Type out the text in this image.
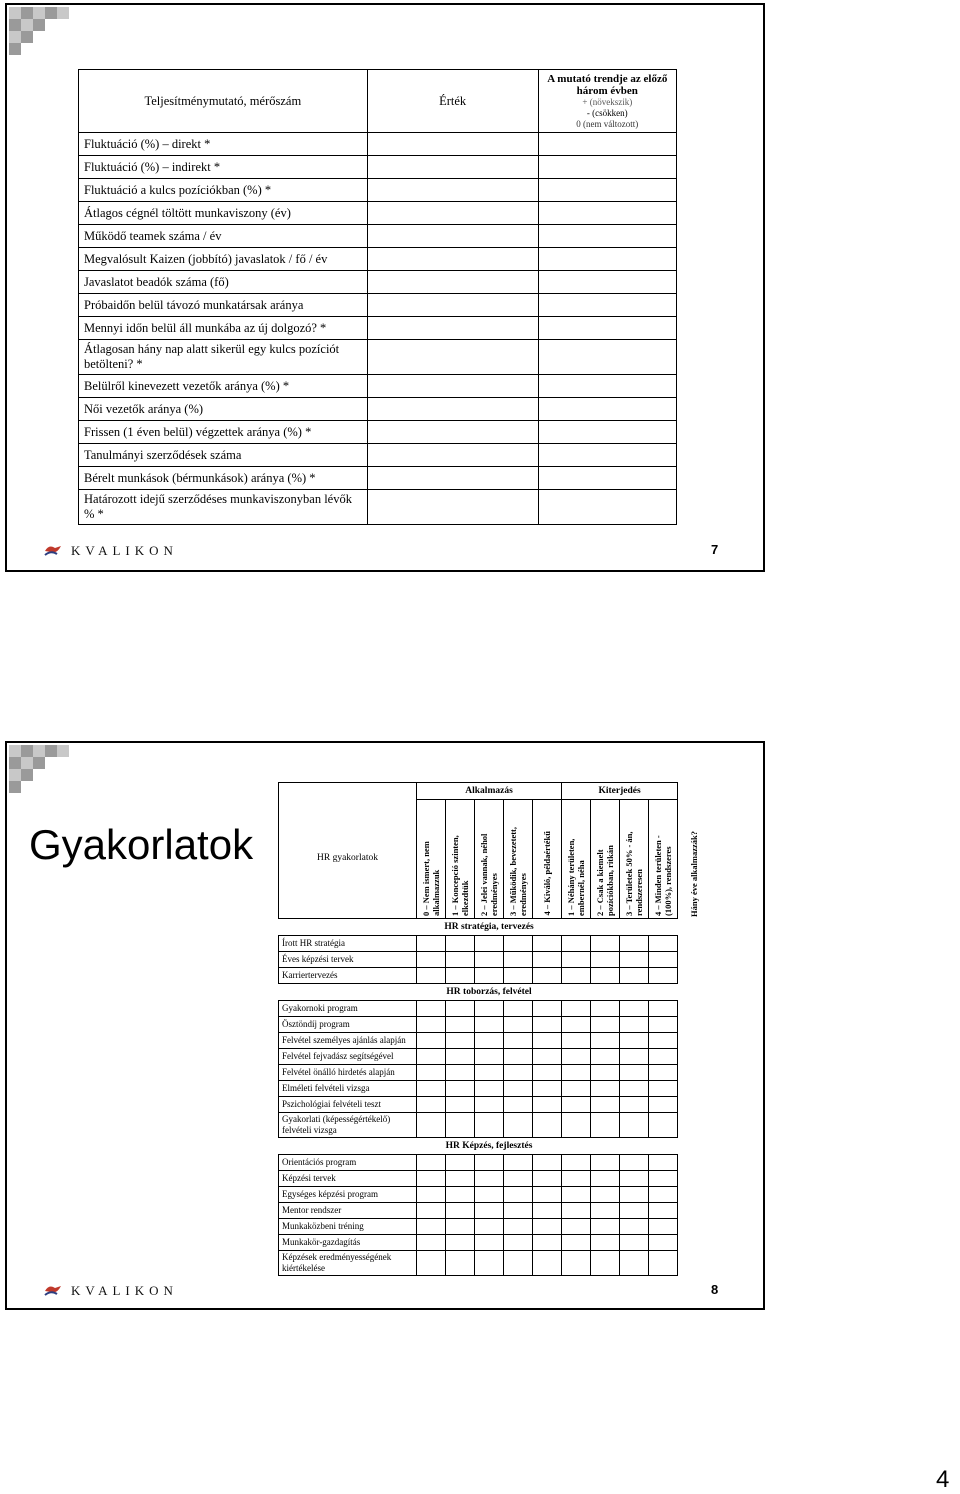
KVALIKON	7
Teljesítménymutató, mérőszám	Érték	A mutató trendje az előző három évben
+ (növekszik)
- (csökken)
0 (nem változott)

Fluktuáció (%) – direkt *		
Fluktuáció (%) – indirekt *		
Fluktuáció a kulcs pozíciókban (%) *		
Átlagos cégnél töltött munkaviszony (év)		
Működő teamek száma / év		
Megvalósult Kaizen (jobbító) javaslatok / fő / év		
Javaslatot beadók száma (fő)		
Próbaidőn belül távozó munkatársak aránya		
Mennyi időn belül áll munkába az új dolgozó? *		
Átlagosan hány nap alatt sikerül egy kulcs pozíciót betölteni? *		
Belülről kinevezett vezetők aránya (%) *		
Női vezetők aránya (%)		
Frissen (1 éven belül) végzettek aránya (%) *		
Tanulmányi szerződések száma		
Bérelt munkások (bérmunkások) aránya (%) *		
Határozott idejű szerződéses munkaviszonyban lévők % *		
Gyakorlatok
KVALIKON	8
	Alkalmazás					Kiterjedés				
HR gyakorlatok	0 – Nem ismert, nem alkalmazzuk	1 – Koncepció szinten, elkezdtük	2 – Jelei vannak, néhol eredményes	3 – Működik, bevezetett, eredményes	4 – Kiváló, példaértékű	1 – Néhány területen, embernél, néha	2 – Csak a kiemelt pozíciókban, ritkán	3 – Területek 50% - án, rendszeresen	4 – Minden területen - (100%), rendszeres	Hány éve alkalmazzák?

	HR stratégia, tervezés									
Írott HR stratégia										
Éves képzési tervek										
Karriertervezés										
	HR toborzás, felvétel									
Gyakornoki program										
Ösztöndíj program										
Felvétel személyes ajánlás alapján										
Felvétel fejvadász segítségével										
Felvétel önálló hirdetés alapján										
Elméleti felvételi vizsga										
Pszichológiai felvételi teszt										
Gyakorlati (képességértékelő) felvételi vizsga										
	HR Képzés, fejlesztés									
Orientációs program										
Képzési tervek										
Egységes képzési program										
Mentor rendszer										
Munkaközbeni tréning										
Munkakör-gazdagítás										
Képzések eredményességének kiértékelése										
4
